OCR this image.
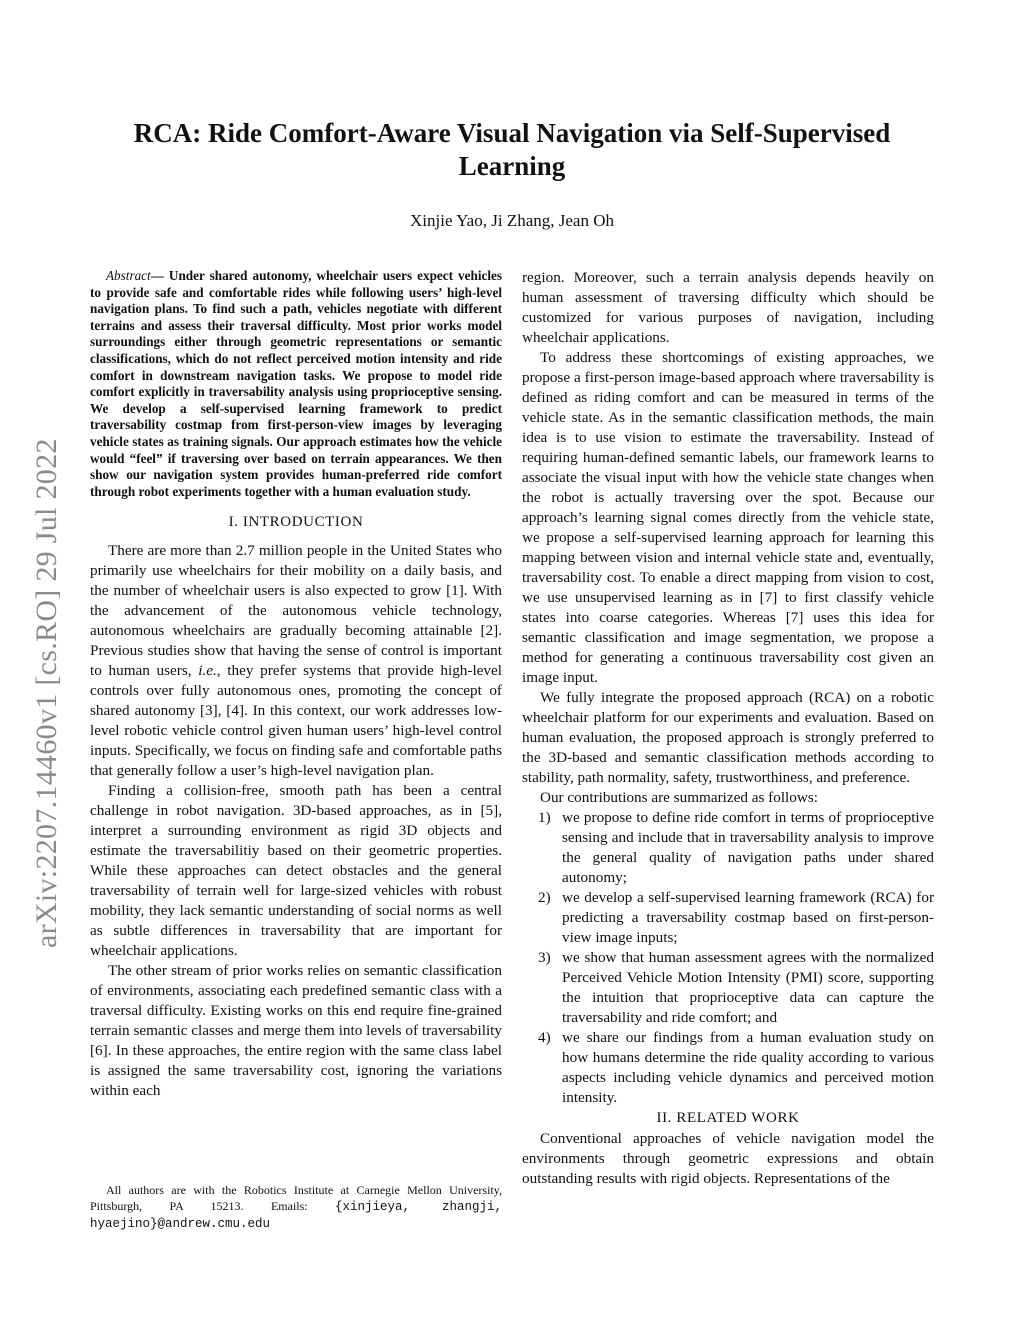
arXiv:2207.14460v1 [cs.RO] 29 Jul 2022
RCA: Ride Comfort-Aware Visual Navigation via Self-Supervised Learning
Xinjie Yao, Ji Zhang, Jean Oh

Abstract— Under shared autonomy, wheelchair users expect vehicles to provide safe and comfortable rides while following users’ high-level navigation plans. To find such a path, vehicles negotiate with different terrains and assess their traversal difficulty. Most prior works model surroundings either through geometric representations or semantic classifications, which do not reflect perceived motion intensity and ride comfort in downstream navigation tasks. We propose to model ride comfort explicitly in traversability analysis using proprioceptive sensing. We develop a self-supervised learning framework to predict traversability costmap from first-person-view images by leveraging vehicle states as training signals. Our approach estimates how the vehicle would “feel” if traversing over based on terrain appearances. We then show our navigation system provides human-preferred ride comfort through robot experiments together with a human evaluation study.

I. INTRODUCTION

There are more than 2.7 million people in the United States who primarily use wheelchairs for their mobility on a daily basis, and the number of wheelchair users is also expected to grow [1]. With the advancement of the autonomous vehicle technology, autonomous wheelchairs are gradually becoming attainable [2]. Previous studies show that having the sense of control is important to human users, i.e., they prefer systems that provide high-level controls over fully autonomous ones, promoting the concept of shared autonomy [3], [4]. In this context, our work addresses low-level robotic vehicle control given human users’ high-level control inputs. Specifically, we focus on finding safe and comfortable paths that generally follow a user’s high-level navigation plan.

Finding a collision-free, smooth path has been a central challenge in robot navigation. 3D-based approaches, as in [5], interpret a surrounding environment as rigid 3D objects and estimate the traversabilitiy based on their geometric properties. While these approaches can detect obstacles and the general traversability of terrain well for large-sized vehicles with robust mobility, they lack semantic understanding of social norms as well as subtle differences in traversability that are important for wheelchair applications.

The other stream of prior works relies on semantic classification of environments, associating each predefined semantic class with a traversal difficulty. Existing works on this end require fine-grained terrain semantic classes and merge them into levels of traversability [6]. In these approaches, the entire region with the same class label is assigned the same traversability cost, ignoring the variations within each

All authors are with the Robotics Institute at Carnegie Mellon University, Pittsburgh, PA 15213. Emails: {xinjieya, zhangji, hyaejino}@andrew.cmu.edu

region. Moreover, such a terrain analysis depends heavily on human assessment of traversing difficulty which should be customized for various purposes of navigation, including wheelchair applications.

To address these shortcomings of existing approaches, we propose a first-person image-based approach where traversability is defined as riding comfort and can be measured in terms of the vehicle state. As in the semantic classification methods, the main idea is to use vision to estimate the traversability. Instead of requiring human-defined semantic labels, our framework learns to associate the visual input with how the vehicle state changes when the robot is actually traversing over the spot. Because our approach’s learning signal comes directly from the vehicle state, we propose a self-supervised learning approach for learning this mapping between vision and internal vehicle state and, eventually, traversability cost. To enable a direct mapping from vision to cost, we use unsupervised learning as in [7] to first classify vehicle states into coarse categories. Whereas [7] uses this idea for semantic classification and image segmentation, we propose a method for generating a continuous traversability cost given an image input.

We fully integrate the proposed approach (RCA) on a robotic wheelchair platform for our experiments and evaluation. Based on human evaluation, the proposed approach is strongly preferred to the 3D-based and semantic classification methods according to stability, path normality, safety, trustworthiness, and preference.

Our contributions are summarized as follows:

1) we propose to define ride comfort in terms of proprioceptive sensing and include that in traversability analysis to improve the general quality of navigation paths under shared autonomy;
2) we develop a self-supervised learning framework (RCA) for predicting a traversability costmap based on first-person-view image inputs;
3) we show that human assessment agrees with the normalized Perceived Vehicle Motion Intensity (PMI) score, supporting the intuition that proprioceptive data can capture the traversability and ride comfort; and
4) we share our findings from a human evaluation study on how humans determine the ride quality according to various aspects including vehicle dynamics and perceived motion intensity.
II. RELATED WORK

Conventional approaches of vehicle navigation model the environments through geometric expressions and obtain outstanding results with rigid objects. Representations of the
